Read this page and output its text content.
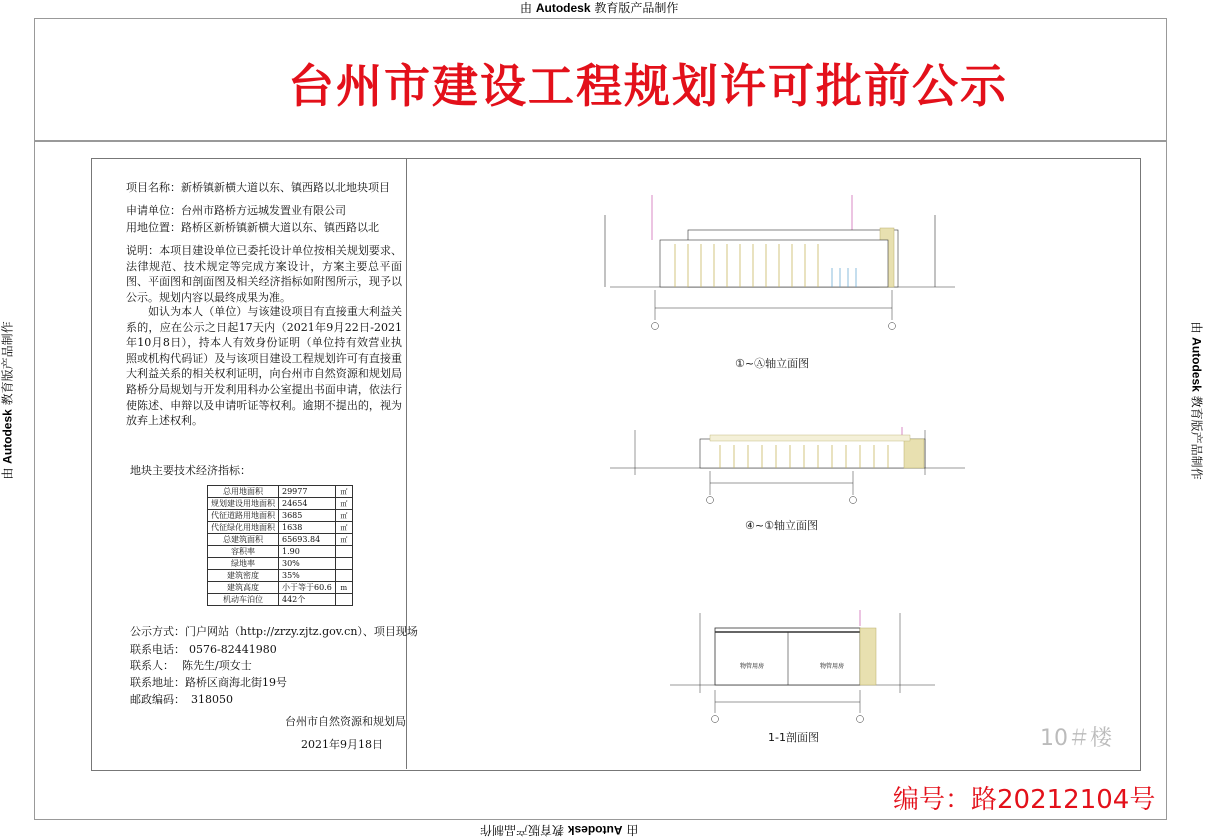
由 Autodesk 教育版产品制作
由 Autodesk 教育版产品制作
由 Autodesk 教育版产品制作	由 Autodesk 教育版产品制作
台州市建设工程规划许可批前公示
项目名称：新桥镇新横大道以东、镇西路以北地块项目
申请单位：台州市路桥方远城发置业有限公司
用地位置：路桥区新桥镇新横大道以东、镇西路以北
说明：本项目建设单位已委托设计单位按相关规划要求、法律规范、技术规定等完成方案设计，方案主要总平面图、平面图和剖面图及相关经济指标如附图所示，现予以公示。规划内容以最终成果为准。
如认为本人（单位）与该建设项目有直接重大利益关系的，应在公示之日起17天内（2021年9月22日-2021年10月8日），持本人有效身份证明（单位持有效营业执照或机构代码证）及与该项目建设工程规划许可有直接重大利益关系的相关权利证明，向台州市自然资源和规划局路桥分局规划与开发利用科办公室提出书面申请，依法行使陈述、申辩以及申请听证等权利。逾期不提出的，视为放弃上述权利。
地块主要技术经济指标：
总用地面积	29977	㎡
规划建设用地面积	24654	㎡
代征道路用地面积	3685	㎡
代征绿化用地面积	1638	㎡
总建筑面积	65693.84	㎡
容积率	1.90	
绿地率	30%	
建筑密度	35%	
建筑高度	小于等于60.6	m
机动车泊位	442个	
公示方式：门户网站（http://zrzy.zjtz.gov.cn）、项目现场
联系电话： 0576-82441980
联系人： 陈先生/项女士
联系地址：路桥区商海北街19号
邮政编码： 318050
台州市自然资源和规划局
2021年9月18日
①~Ⓐ轴立面图
④~①轴立面图
物管用房	物管用房
1-1剖面图	10＃楼
编号：路20212104号
